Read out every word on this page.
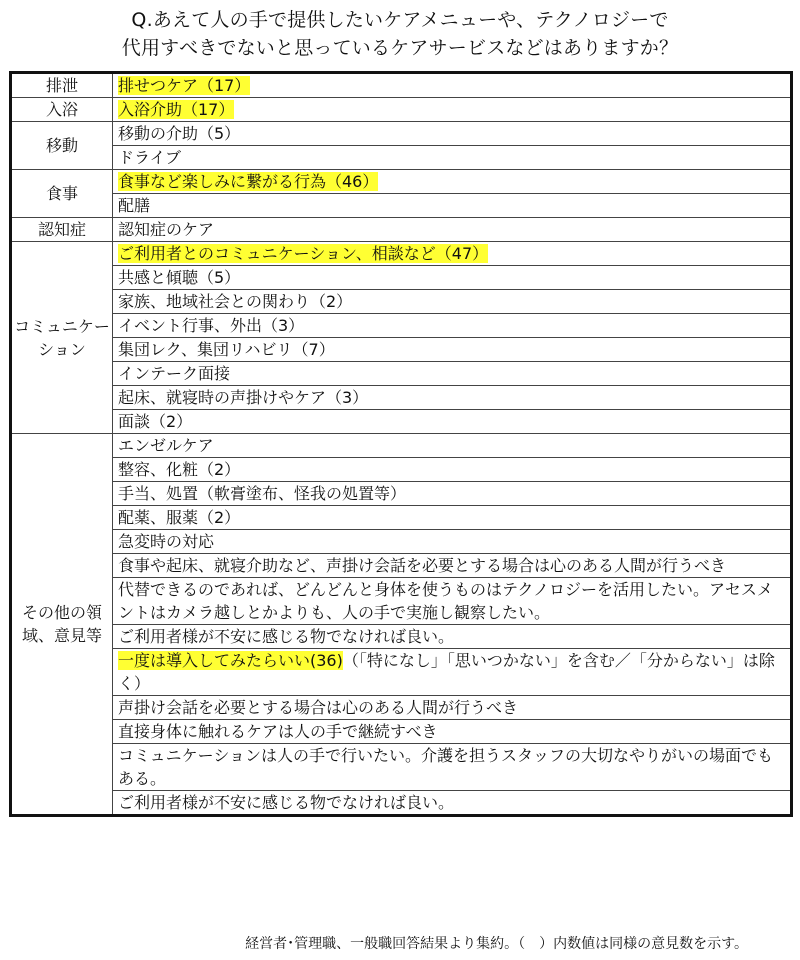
Q.あえて人の手で提供したいケアメニューや、テクノロジーで
代用すべきでないと思っているケアサービスなどはありますか？
排泄	排せつケア（17）
入浴	入浴介助（17）
移動	移動の介助（5）
	ドライブ
食事	食事など楽しみに繋がる行為（46）
	配膳
認知症	認知症のケア
コミュニケーション	ご利用者とのコミュニケーション、相談など（47）
	共感と傾聴（5）
	家族、地域社会との関わり（2）
	イベント行事、外出（3）
	集団レク、集団リハビリ（7）
	インテーク面接
	起床、就寝時の声掛けやケア（3）
	面談（2）
その他の領域、意見等	エンゼルケア
	整容、化粧（2）
	手当、処置（軟膏塗布、怪我の処置等）
	配薬、服薬（2）
	急変時の対応
	食事や起床、就寝介助など、声掛け会話を必要とする場合は心のある人間が行うべき
	代替できるのであれば、どんどんと身体を使うものはテクノロジーを活用したい。アセスメントはカメラ越しとかよりも、人の手で実施し観察したい。
	ご利用者様が不安に感じる物でなければ良い。
	一度は導入してみたらいい(36)（「特になし」「思いつかない」を含む／「分からない」は除く）
	声掛け会話を必要とする場合は心のある人間が行うべき
	直接身体に触れるケアは人の手で継続すべき
	コミュニケーションは人の手で行いたい。介護を担うスタッフの大切なやりがいの場面でもある。
	ご利用者様が不安に感じる物でなければ良い。
経営者･管理職、一般職回答結果より集約。（　）内数値は同様の意見数を示す。
